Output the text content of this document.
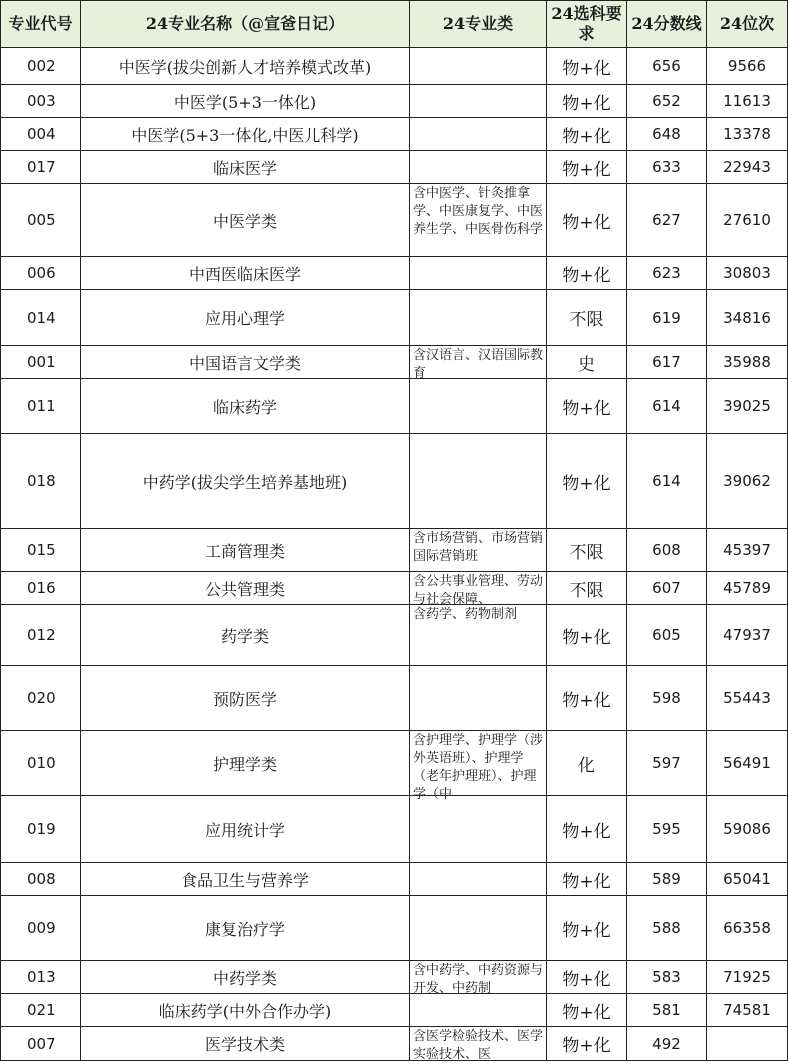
专业代号	24专业名称（@宣爸日记）	24专业类	24选科要求	24分数线	24位次
002	中医学(拔尖创新人才培养模式改革)		物+化	656	9566
003	中医学(5+3一体化)		物+化	652	11613
004	中医学(5+3一体化,中医儿科学)		物+化	648	13378
017	临床医学		物+化	633	22943
005	中医学类	含中医学、针灸推拿学、中医康复学、中医养生学、中医骨伤科学	物+化	627	27610
006	中西医临床医学		物+化	623	30803
014	应用心理学		不限	619	34816
001	中国语言文学类	含汉语言、汉语国际教育	史	617	35988
011	临床药学		物+化	614	39025
018	中药学(拔尖学生培养基地班)		物+化	614	39062
015	工商管理类	含市场营销、市场营销国际营销班	不限	608	45397
016	公共管理类	含公共事业管理、劳动与社会保障、	不限	607	45789
012	药学类	含药学、药物制剂	物+化	605	47937
020	预防医学		物+化	598	55443
010	护理学类	含护理学、护理学（涉外英语班）、护理学（老年护理班）、护理学（中	化	597	56491
019	应用统计学		物+化	595	59086
008	食品卫生与营养学		物+化	589	65041
009	康复治疗学		物+化	588	66358
013	中药学类	含中药学、中药资源与开发、中药制	物+化	583	71925
021	临床药学(中外合作办学)		物+化	581	74581
007	医学技术类	含医学检验技术、医学实验技术、医	物+化	492	
